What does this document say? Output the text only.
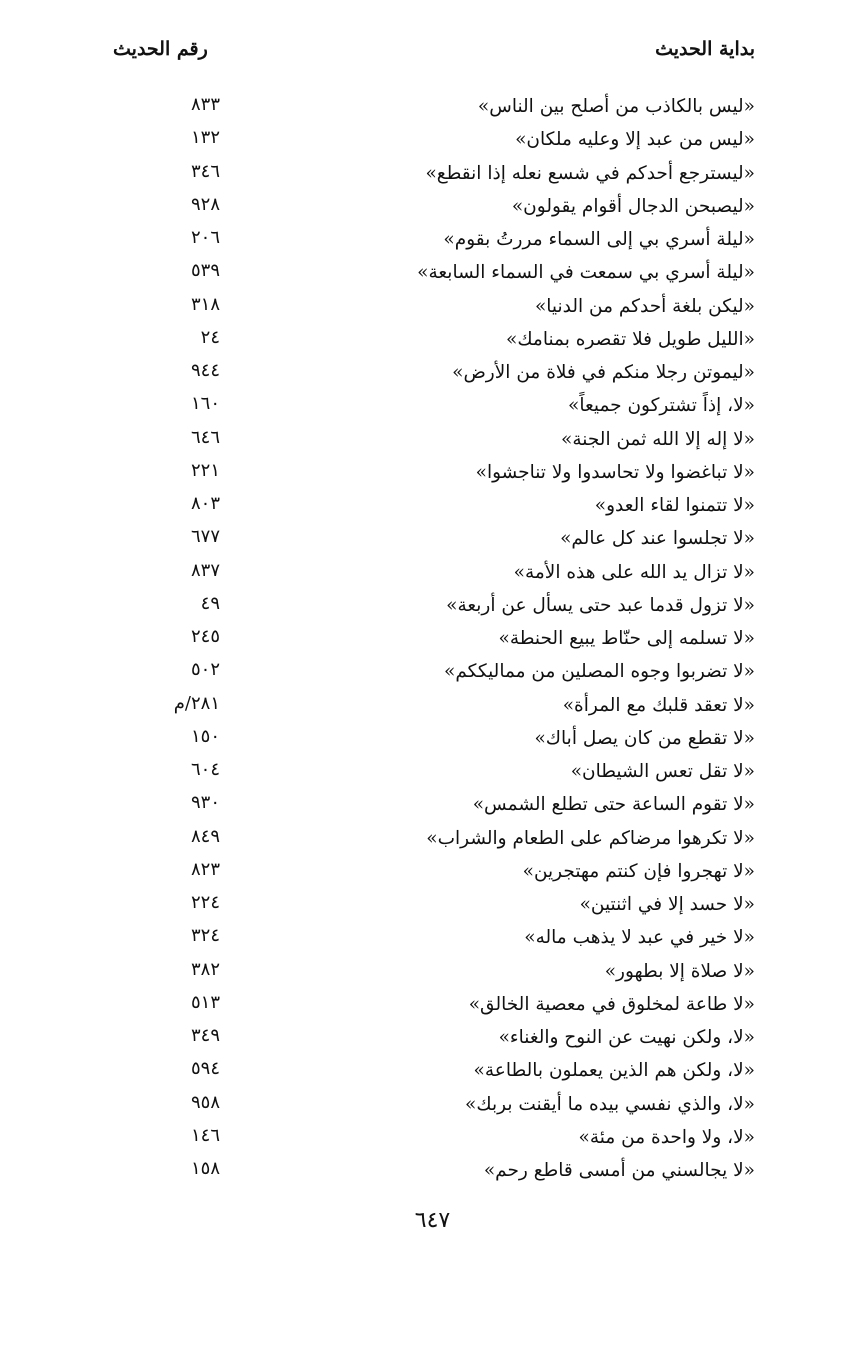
بداية الحديث
رقم الحديث
«ليس بالكاذب من أصلح بين الناس»
٨٣٣
«ليس من عبد إلا وعليه ملكان»
١٣٢
«ليسترجع أحدكم في شسع نعله إذا انقطع»
٣٤٦
«ليصبحن الدجال أقوام يقولون»
٩٢٨
«ليلة أسري بي إلى السماء مررتُ بقوم»
٢٠٦
«ليلة أسري بي سمعت في السماء السابعة»
٥٣٩
«ليكن بلغة أحدكم من الدنيا»
٣١٨
«الليل طويل فلا تقصره بمنامك»
٢٤
«ليموتن رجلا منكم في فلاة من الأرض»
٩٤٤
«لا، إذاً تشتركون جميعاً»
١٦٠
«لا إله إلا الله ثمن الجنة»
٦٤٦
«لا تباغضوا ولا تحاسدوا ولا تناجشوا»
٢٢١
«لا تتمنوا لقاء العدو»
٨٠٣
«لا تجلسوا عند كل عالم»
٦٧٧
«لا تزال يد الله على هذه الأمة»
٨٣٧
«لا تزول قدما عبد حتى يسأل عن أربعة»
٤٩
«لا تسلمه إلى حنّاط يبيع الحنطة»
٢٤٥
«لا تضربوا وجوه المصلين من مماليككم»
٥٠٢
«لا تعقد قلبك مع المرأة»
٢٨١/م
«لا تقطع من كان يصل أباك»
١٥٠
«لا تقل تعس الشيطان»
٦٠٤
«لا تقوم الساعة حتى تطلع الشمس»
٩٣٠
«لا تكرهوا مرضاكم على الطعام والشراب»
٨٤٩
«لا تهجروا فإن كنتم مهتجرين»
٨٢٣
«لا حسد إلا في اثنتين»
٢٢٤
«لا خير في عبد لا يذهب ماله»
٣٢٤
«لا صلاة إلا بطهور»
٣٨٢
«لا طاعة لمخلوق في معصية الخالق»
٥١٣
«لا، ولكن نهيت عن النوح والغناء»
٣٤٩
«لا، ولكن هم الذين يعملون بالطاعة»
٥٩٤
«لا، والذي نفسي بيده ما أيقنت بربك»
٩٥٨
«لا، ولا واحدة من مئة»
١٤٦
«لا يجالسني من أمسى قاطع رحم»
١٥٨
٦٤٧
